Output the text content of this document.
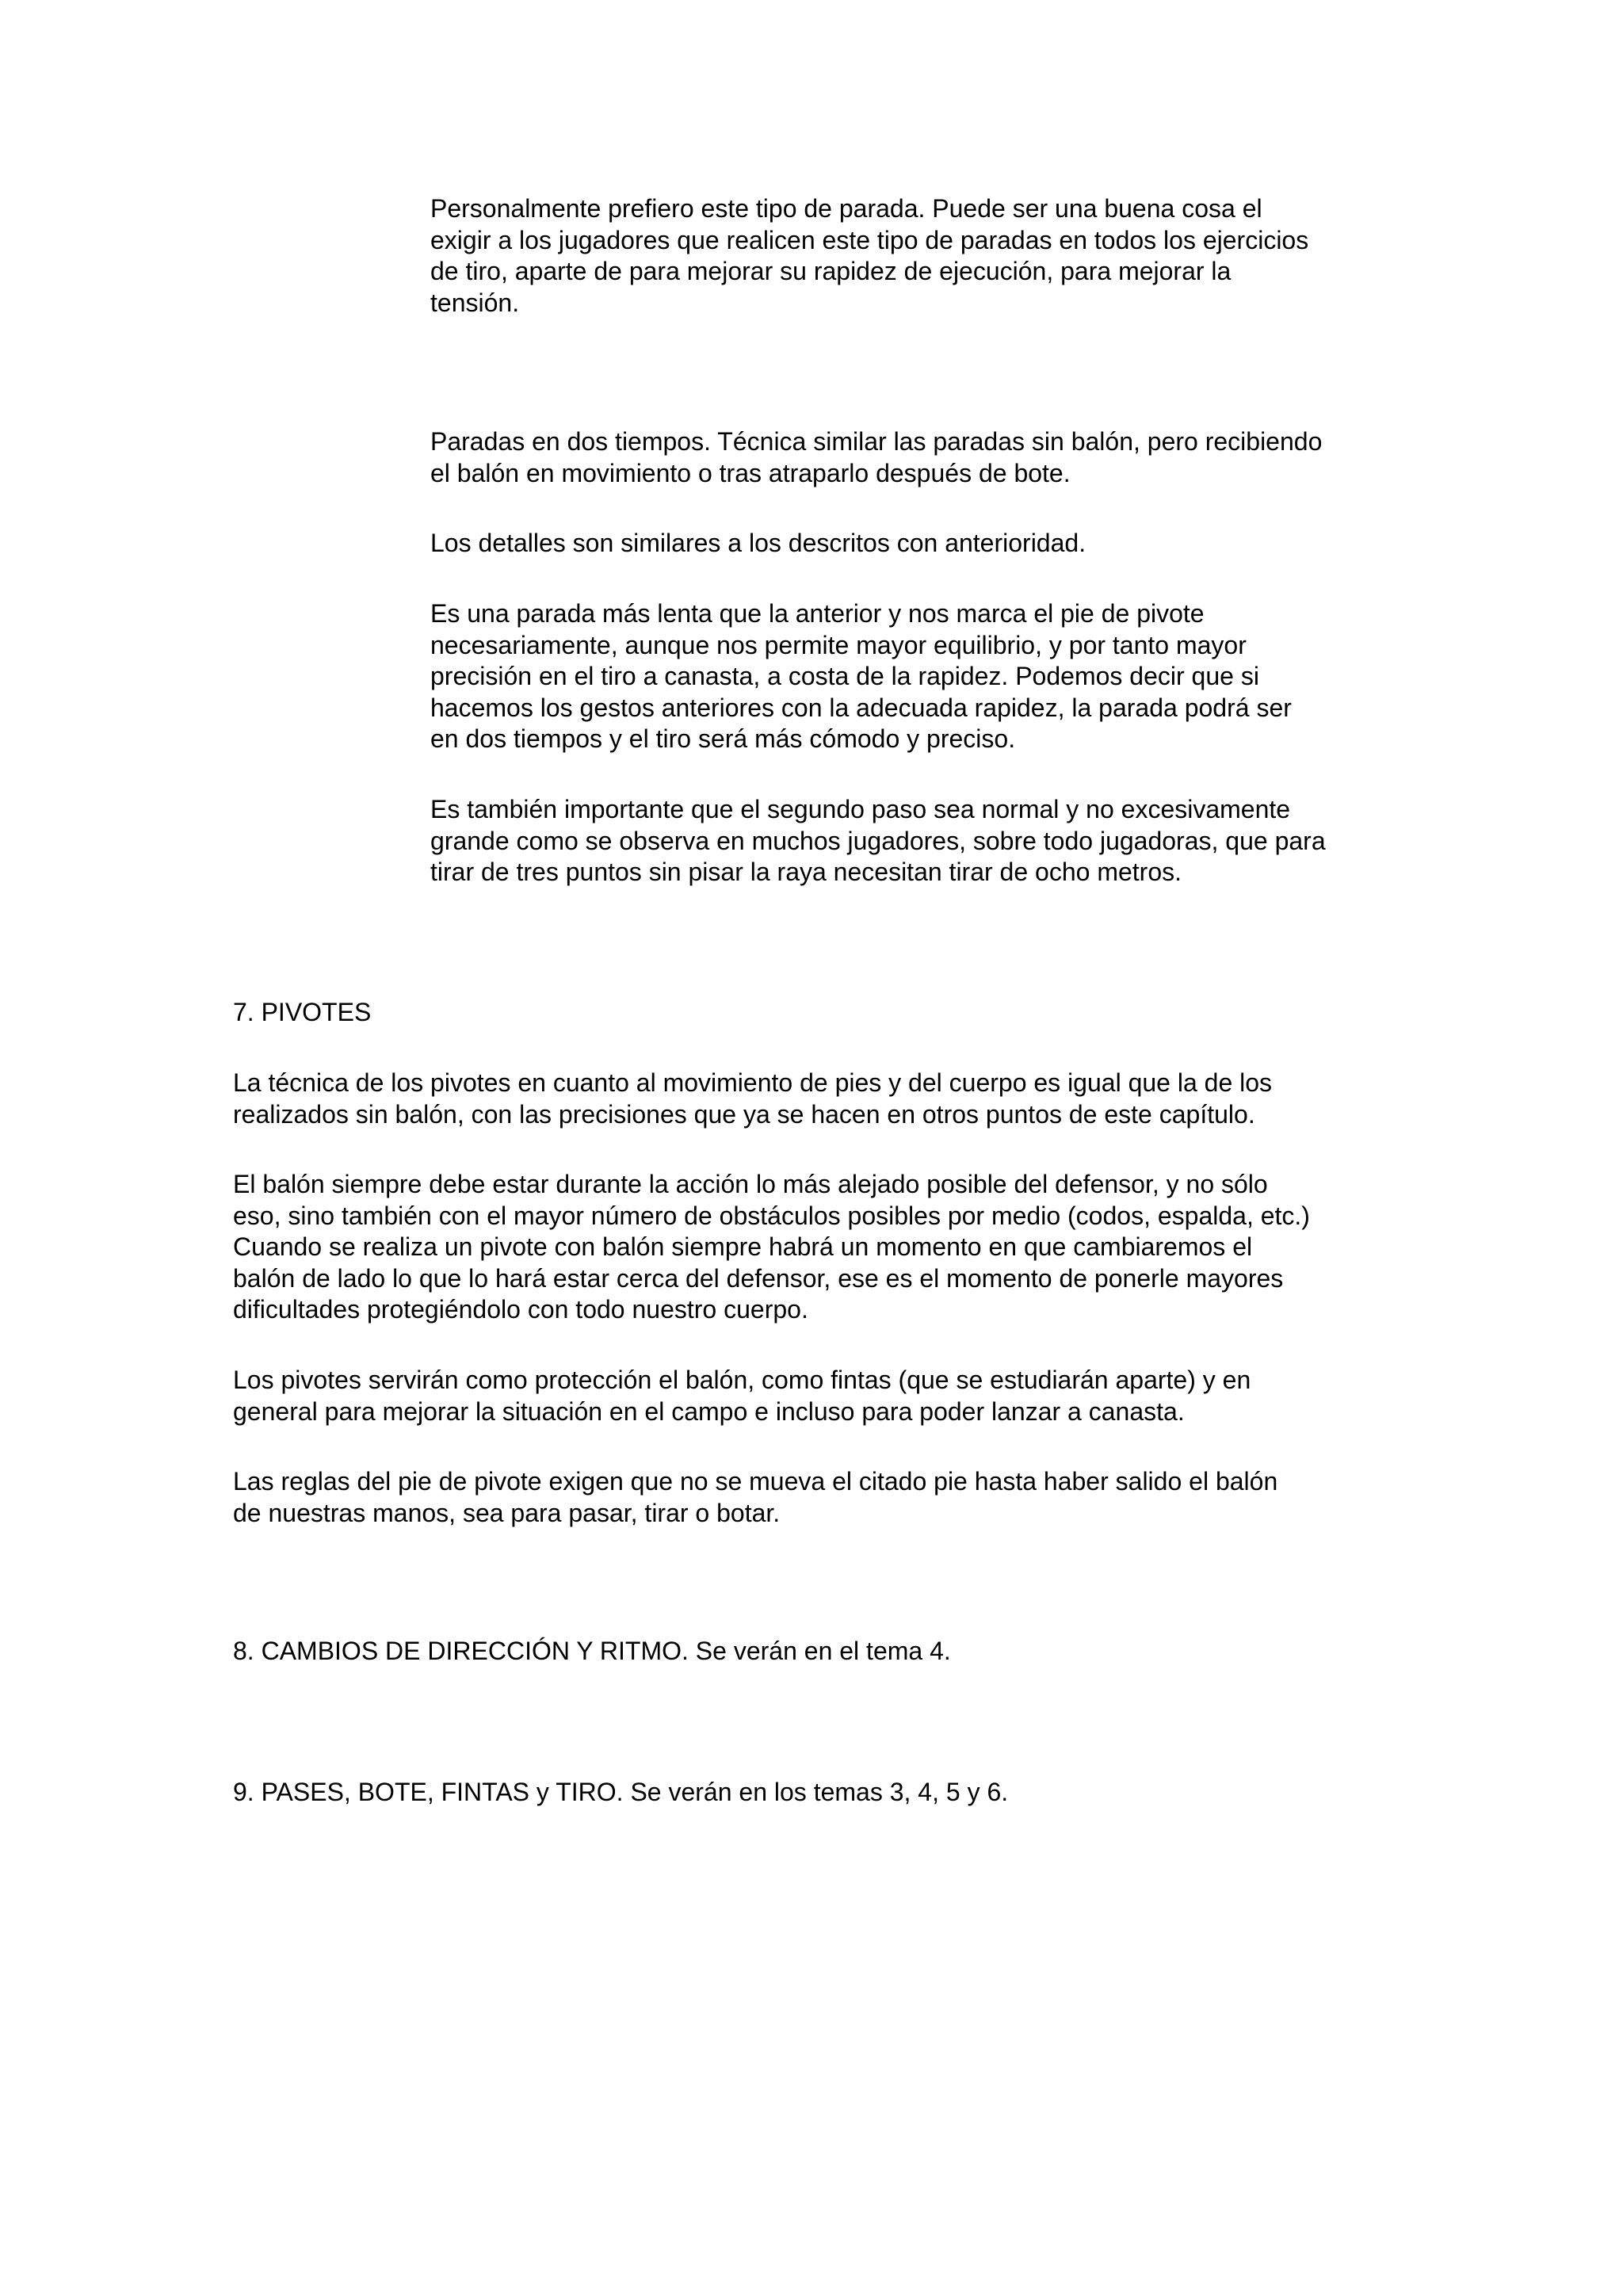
Personalmente prefiero este tipo de parada. Puede ser una buena cosa el
exigir a los jugadores que realicen este tipo de paradas en todos los ejercicios
de tiro, aparte de para mejorar su rapidez de ejecución, para mejorar la
tensión.

Paradas en dos tiempos. Técnica similar las paradas sin balón, pero recibiendo
el balón en movimiento o tras atraparlo después de bote.

Los detalles son similares a los descritos con anterioridad.

Es una parada más lenta que la anterior y nos marca el pie de pivote
necesariamente, aunque nos permite mayor equilibrio, y por tanto mayor
precisión en el tiro a canasta, a costa de la rapidez. Podemos decir que si
hacemos los gestos anteriores con la adecuada rapidez, la parada podrá ser
en dos tiempos y el tiro será más cómodo y preciso.

Es también importante que el segundo paso sea normal y no excesivamente
grande como se observa en muchos jugadores, sobre todo jugadoras, que para
tirar de tres puntos sin pisar la raya necesitan tirar de ocho metros.

7. PIVOTES

La técnica de los pivotes en cuanto al movimiento de pies y del cuerpo es igual que la de los
realizados sin balón, con las precisiones que ya se hacen en otros puntos de este capítulo.

El balón siempre debe estar durante la acción lo más alejado posible del defensor, y no sólo
eso, sino también con el mayor número de obstáculos posibles por medio (codos, espalda, etc.)
Cuando se realiza un pivote con balón siempre habrá un momento en que cambiaremos el
balón de lado lo que lo hará estar cerca del defensor, ese es el momento de ponerle mayores
dificultades protegiéndolo con todo nuestro cuerpo.

Los pivotes servirán como protección el balón, como fintas (que se estudiarán aparte) y en
general para mejorar la situación en el campo e incluso para poder lanzar a canasta.

Las reglas del pie de pivote exigen que no se mueva el citado pie hasta haber salido el balón
de nuestras manos, sea para pasar, tirar o botar.

8. CAMBIOS DE DIRECCIÓN Y RITMO. Se verán en el tema 4.

9. PASES, BOTE, FINTAS y TIRO. Se verán en los temas 3, 4, 5 y 6.
